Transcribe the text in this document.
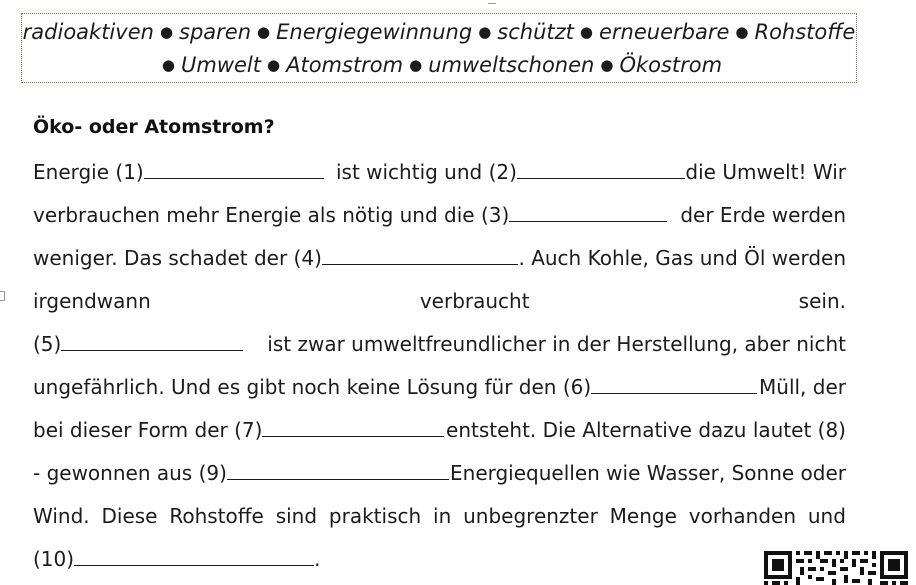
radioaktiven ● sparen ● Energiegewinnung ● schützt ● erneuerbare ● Rohstoffe
● Umwelt ● Atomstrom ● umweltschonen ● Ökostrom
Öko- oder Atomstrom?
Energie (1)	ist wichtig und (2)	die Umwelt! Wir
verbrauchen mehr Energie als nötig und die (3)	der Erde werden
weniger. Das schadet der (4)	. Auch Kohle, Gas und Öl werden
irgendwann	verbraucht	sein.
(5)	ist zwar umweltfreundlicher in der Herstellung, aber nicht
ungefährlich. Und es gibt noch keine Lösung für den (6)	Müll, der
bei dieser Form der (7)	entsteht. Die Alternative dazu lautet (8)
- gewonnen aus (9)	Energiequellen wie Wasser, Sonne oder
Wind. Diese Rohstoffe sind praktisch in unbegrenzter Menge vorhanden und
(10)	.
